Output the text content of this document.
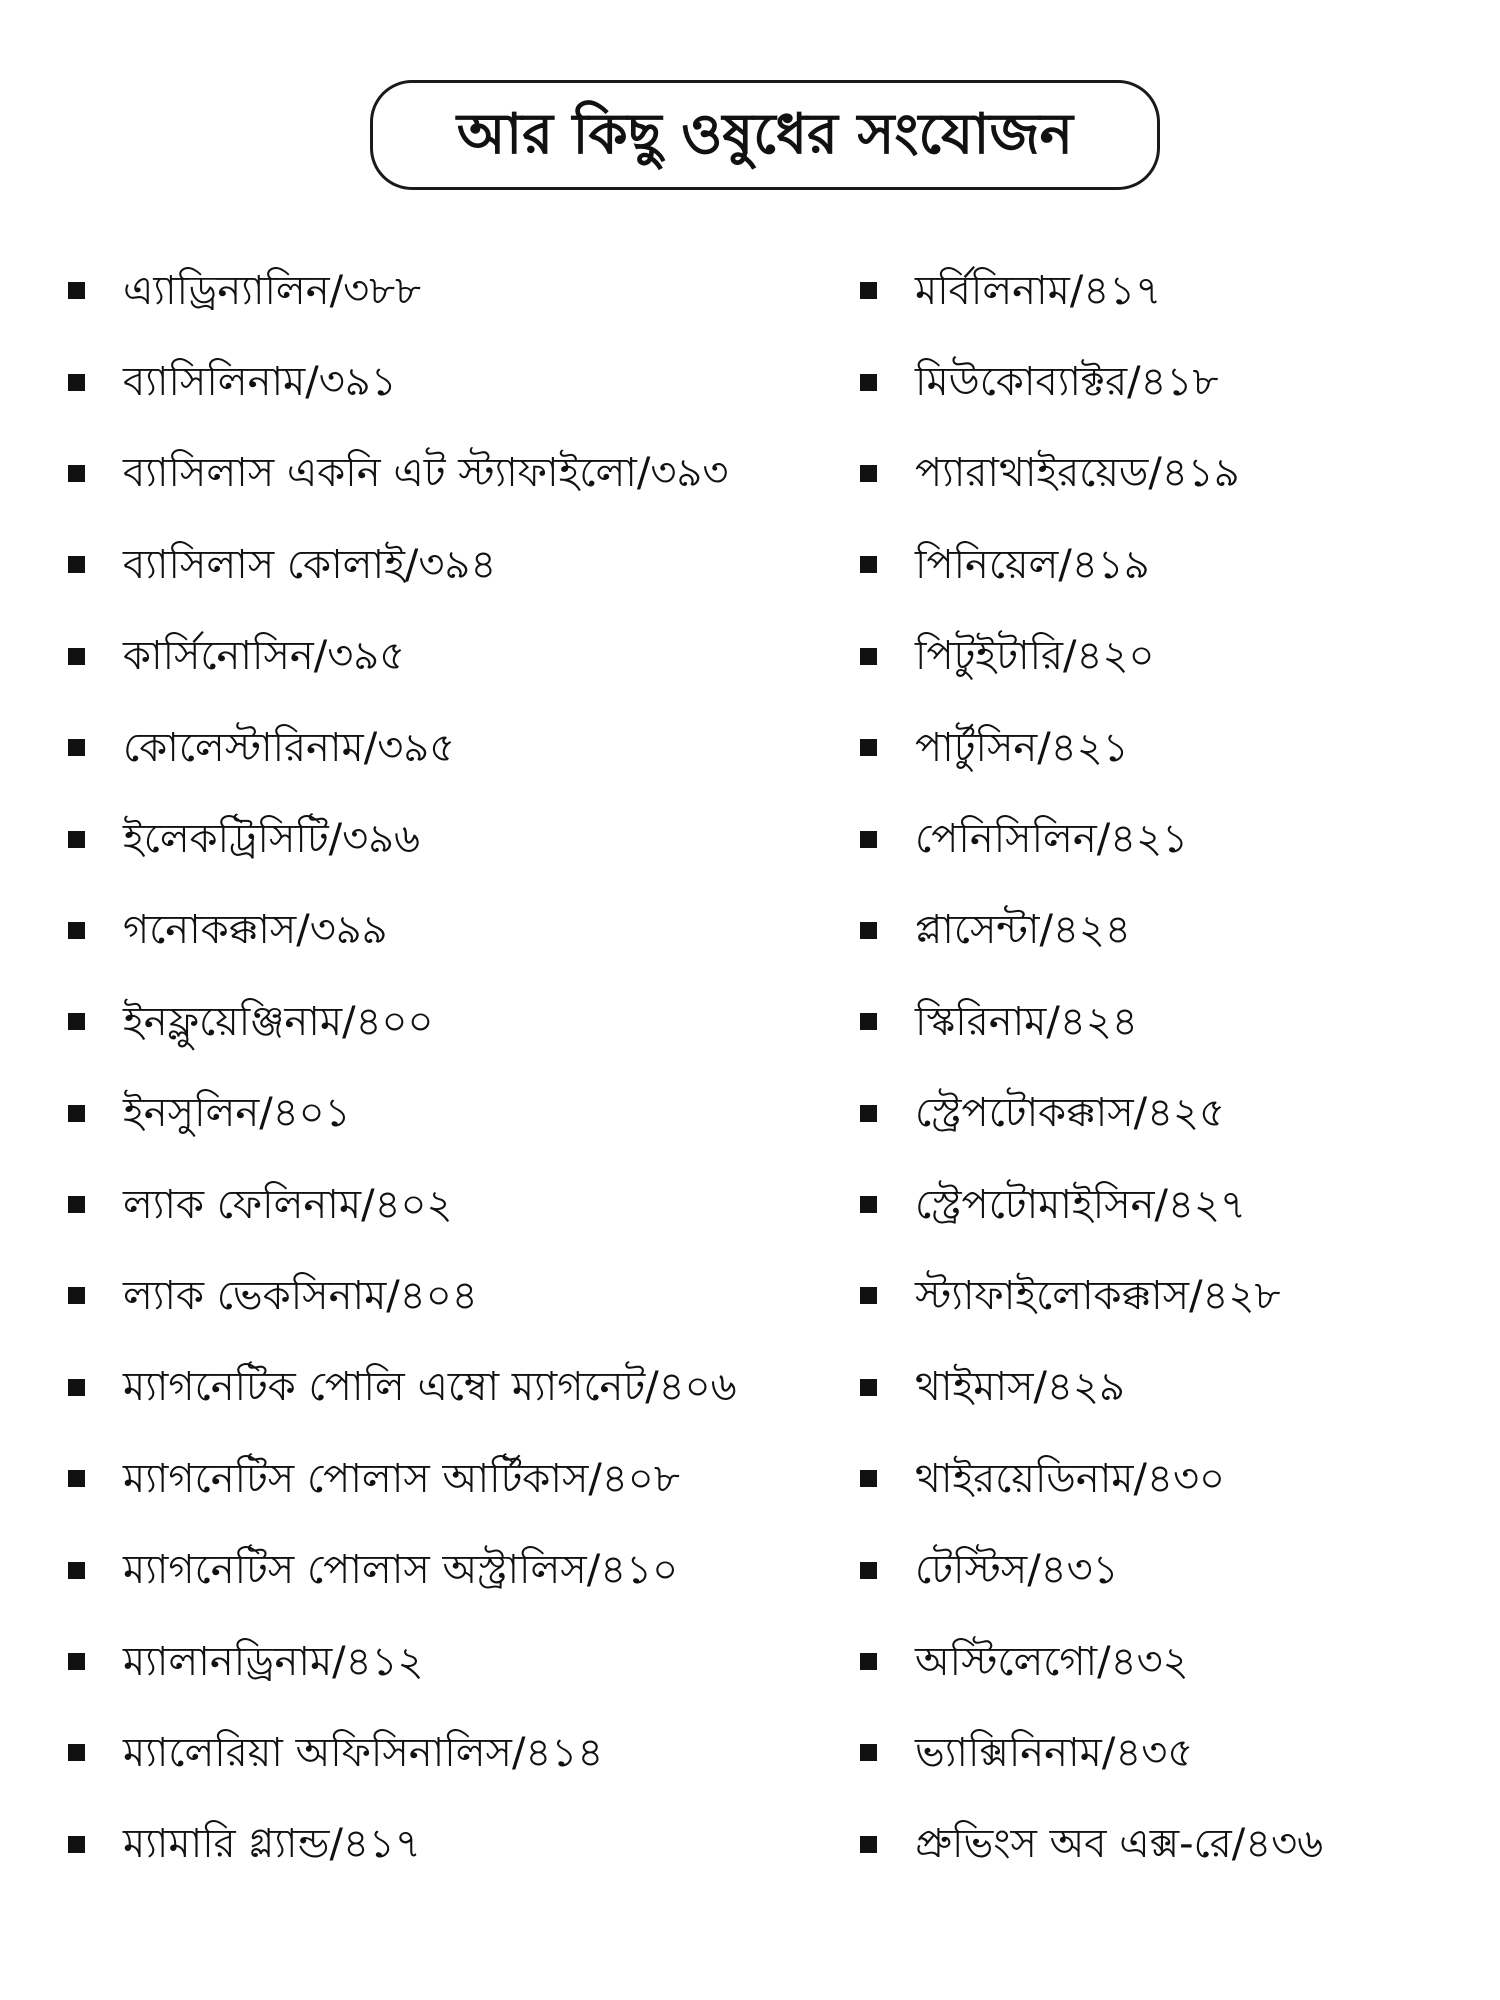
আর কিছু ওষুধের সংযোজন
এ্যাড্রিন্যালিন/৩৮৮
ব্যাসিলিনাম/৩৯১
ব্যাসিলাস একনি এট স্ট্যাফাইলো/৩৯৩
ব্যাসিলাস কোলাই/৩৯৪
কার্সিনোসিন/৩৯৫
কোলেস্টারিনাম/৩৯৫
ইলেকট্রিসিটি/৩৯৬
গনোকক্কাস/৩৯৯
ইনফ্লুয়েঞ্জিনাম/৪০০
ইনসুলিন/৪০১
ল্যাক ফেলিনাম/৪০২
ল্যাক ভেকসিনাম/৪০৪
ম্যাগনেটিক পোলি এম্বো ম্যাগনেট/৪০৬
ম্যাগনেটিস পোলাস আর্টিকাস/৪০৮
ম্যাগনেটিস পোলাস অস্ট্রালিস/৪১০
ম্যালানড্রিনাম/৪১২
ম্যালেরিয়া অফিসিনালিস/৪১৪
ম্যামারি গ্ল্যান্ড/৪১৭
মর্বিলিনাম/৪১৭
মিউকোব্যাক্টর/৪১৮
প্যারাথাইরয়েড/৪১৯
পিনিয়েল/৪১৯
পিটুইটারি/৪২০
পার্টুসিন/৪২১
পেনিসিলিন/৪২১
প্লাসেন্টা/৪২৪
স্কিরিনাম/৪২৪
স্ট্রেপটোকক্কাস/৪২৫
স্ট্রেপটোমাইসিন/৪২৭
স্ট্যাফাইলোকক্কাস/৪২৮
থাইমাস/৪২৯
থাইরয়েডিনাম/৪৩০
টেস্টিস/৪৩১
অস্টিলেগো/৪৩২
ভ্যাক্সিনিনাম/৪৩৫
প্রুভিংস অব এক্স-রে/৪৩৬
